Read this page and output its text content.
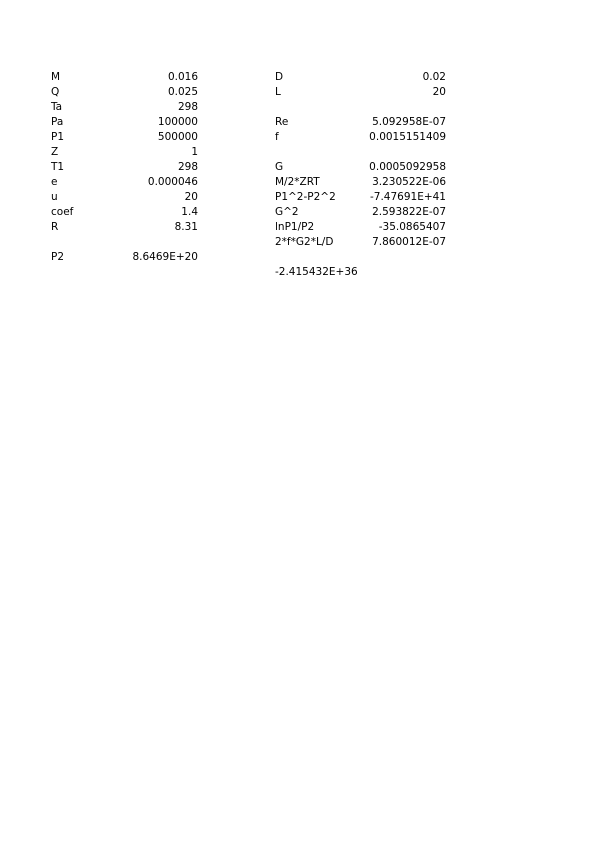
M	0.016
Q	0.025
Ta	298
Pa	100000
P1	500000
Z	1
T1	298
e	0.000046
u	20
coef	1.4
R	8.31
P2	8.6469E+20
D	0.02
L	20
Re	5.092958E-07
f	0.0015151409
G	0.0005092958
M/2*ZRT	3.230522E-06
P1^2-P2^2	-7.47691E+41
G^2	2.593822E-07
lnP1/P2	-35.0865407
2*f*G2*L/D	7.860012E-07
-2.415432E+36
